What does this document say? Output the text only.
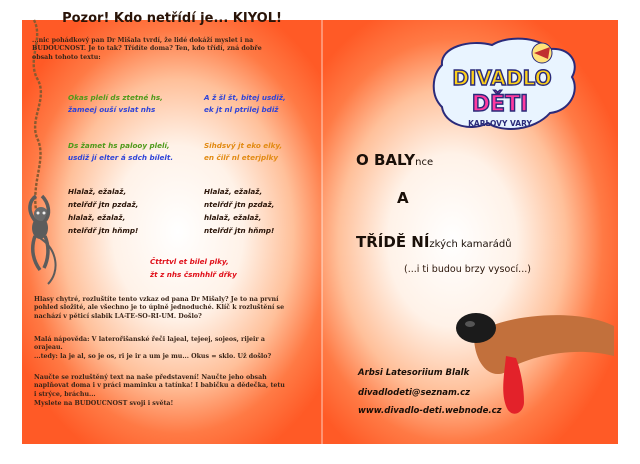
Pozor! Kdo netřídí je... KIYOL!
...nic pohádkový pan Dr Mišala tvrdí, že lidé dokáží myslet i na BUDOUCNOST. Je to tak? Třídíte doma? Ten, kdo třídí, zná dobře obsah tohoto textu:
Okas plelí ds ztetné hs,
žameej ouší vslat nhs
A ž šl št, bitej usdiž,
ek jt nl ptrilej bdiž
Ds žamet hs palooy plelí,
usdiž jí elter á sdch bílelt.
Sihdsvý jt eko elky,
en čilř nl eterjplky
Hlalaž, ežalaž,
ntelřdř jtn pzdaž,
hlalaž, ežalaž,
ntelřdř jtn hňmp!
Hlalaž, ežalaž,
ntelřdř jtn pzdaž,
hlalaž, ežalaž,
ntelřdř jtn hňmp!
Čttrtvl et bilel plky,
žt z nhs čsmhhlř dřky
Hlasy chytré, rozluštíte tento vzkaz od pana Dr Mišaly? Je to na první pohled složité, ale všechno je to úplně jednoduché. Klíč k rozluštění se nachází v pěticí slabik LA-TE-SO-RI-UM. Došlo?
Malá nápověda: V laterořišanské řeči lajeal, tejeej, sojeos, rijeir a orajeau.
...tedy: la je al, so je os, ri je ir a um je mu... Okus = sklo. Už došlo?
Naučte se rozluštěný text na naše představení! Naučte jeho obsah naplňovat doma i v práci maminku a tatínka! I babičku a dědečka, tetu i strýce, bráchu...
Myslete na BUDOUCNOST svoji i světa!
DIVADLO
DĚTI
KARLOVY VARY
O BALYnce
A
TŘÍDĚ NÍzkých kamarádů
(...i ti budou brzy vysocí...)
Arbsi Latesoriium Blalk
divadlodeti@seznam.cz
www.divadlo-deti.webnode.cz
